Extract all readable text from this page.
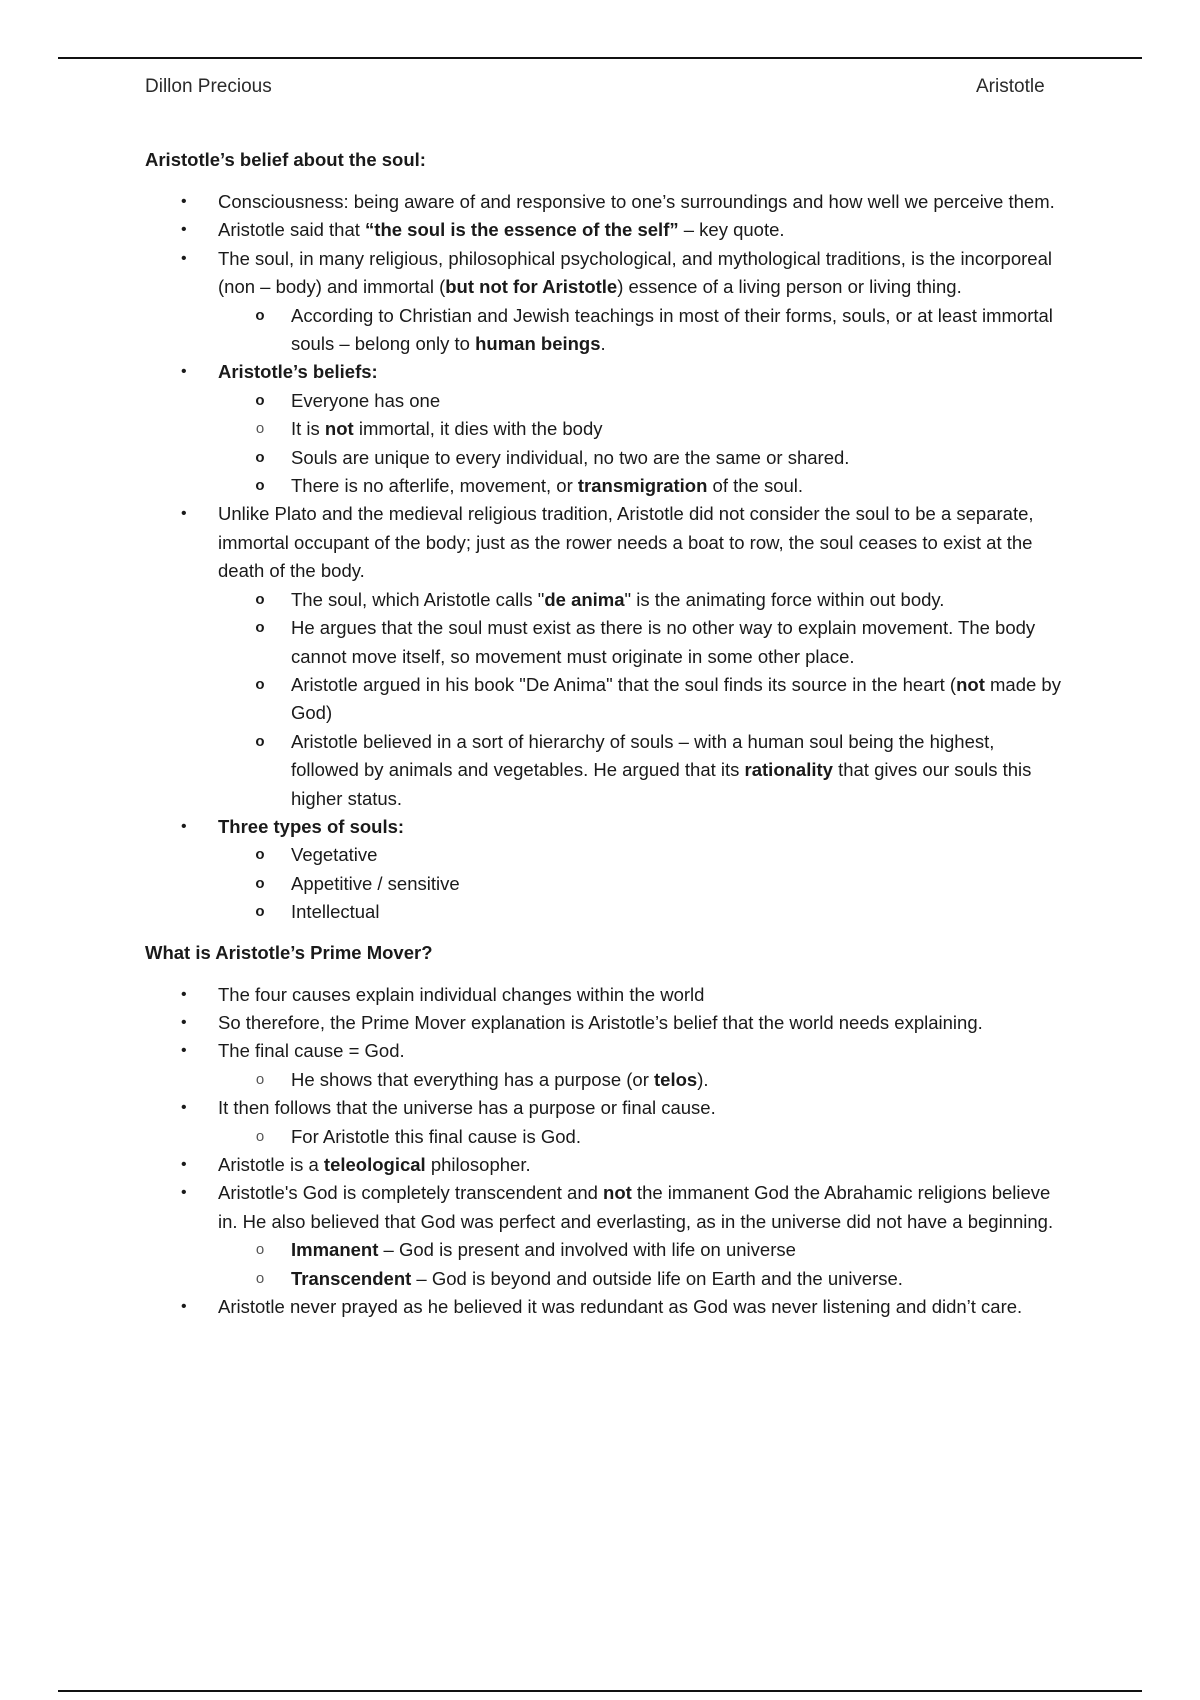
Dillon Precious	Aristotle
Aristotle’s belief about the soul:
• Consciousness: being aware of and responsive to one’s surroundings and how well we perceive them.
• Aristotle said that “the soul is the essence of the self” – key quote.
• The soul, in many religious, philosophical psychological, and mythological traditions, is the incorporeal (non – body) and immortal (but not for Aristotle) essence of a living person or living thing.
o According to Christian and Jewish teachings in most of their forms, souls, or at least immortal souls – belong only to human beings.
• Aristotle’s beliefs:
o Everyone has one
o It is not immortal, it dies with the body
o Souls are unique to every individual, no two are the same or shared.
o There is no afterlife, movement, or transmigration of the soul.
• Unlike Plato and the medieval religious tradition, Aristotle did not consider the soul to be a separate, immortal occupant of the body; just as the rower needs a boat to row, the soul ceases to exist at the death of the body.
o The soul, which Aristotle calls "de anima" is the animating force within out body.
o He argues that the soul must exist as there is no other way to explain movement. The body cannot move itself, so movement must originate in some other place.
o Aristotle argued in his book "De Anima" that the soul finds its source in the heart (not made by God)
o Aristotle believed in a sort of hierarchy of souls – with a human soul being the highest, followed by animals and vegetables. He argued that its rationality that gives our souls this higher status.
• Three types of souls:
o Vegetative
o Appetitive / sensitive
o Intellectual
What is Aristotle’s Prime Mover?
• The four causes explain individual changes within the world
• So therefore, the Prime Mover explanation is Aristotle’s belief that the world needs explaining.
• The final cause = God.
o He shows that everything has a purpose (or telos).
• It then follows that the universe has a purpose or final cause.
o For Aristotle this final cause is God.
• Aristotle is a teleological philosopher.
• Aristotle's God is completely transcendent and not the immanent God the Abrahamic religions believe in. He also believed that God was perfect and everlasting, as in the universe did not have a beginning.
o Immanent – God is present and involved with life on universe
o Transcendent – God is beyond and outside life on Earth and the universe.
• Aristotle never prayed as he believed it was redundant as God was never listening and didn’t care.
